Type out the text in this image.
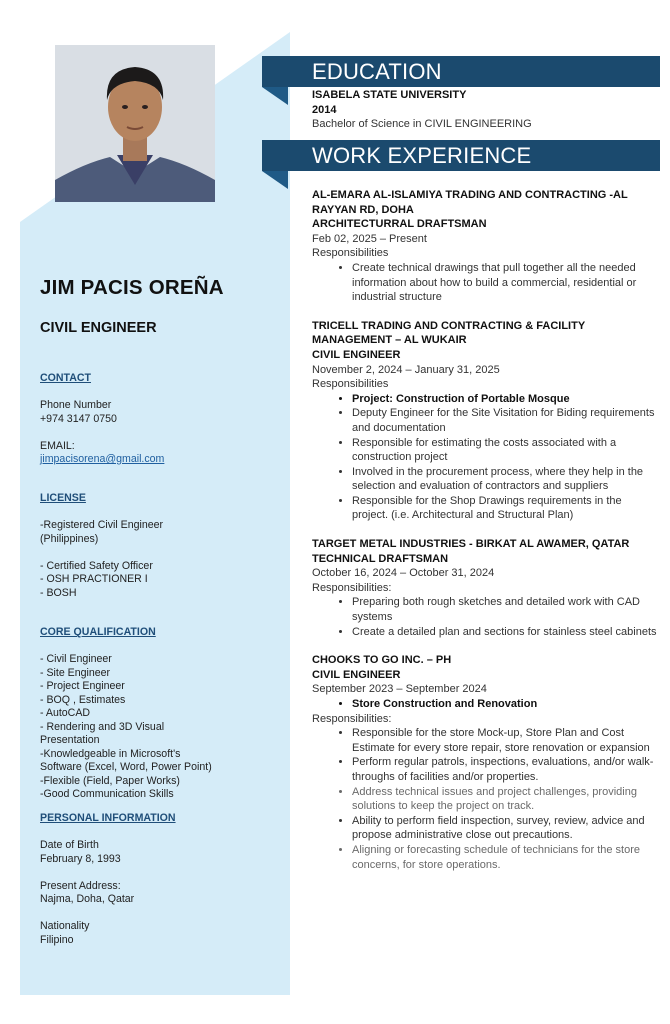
JIM PACIS OREÑA
CIVIL ENGINEER
CONTACT
Phone Number
+974 3147 0750
EMAIL:
jimpacisorena@gmail.com
LICENSE
-Registered Civil Engineer
(Philippines)
- Certified Safety Officer
- OSH PRACTIONER I
- BOSH
CORE QUALIFICATION
- Civil Engineer
- Site Engineer
- Project Engineer
- BOQ , Estimates
- AutoCAD
- Rendering and 3D Visual
Presentation
-Knowledgeable in Microsoft's
Software (Excel, Word, Power Point)
-Flexible (Field, Paper Works)
-Good Communication Skills
PERSONAL INFORMATION
Date of Birth
February 8, 1993
Present Address:
Najma, Doha, Qatar
Nationality
Filipino
EDUCATION
ISABELA STATE UNIVERSITY
2014
Bachelor of Science in CIVIL ENGINEERING
WORK EXPERIENCE
AL-EMARA AL-ISLAMIYA TRADING AND CONTRACTING -AL
RAYYAN RD, DOHA
ARCHITECTURRAL DRAFTSMAN
Feb 02, 2025 – Present
Responsibilities
• Create technical drawings that pull together all the needed information about how to build a commercial, residential or industrial structure
TRICELL TRADING AND CONTRACTING & FACILITY
MANAGEMENT – AL WUKAIR
CIVIL ENGINEER
November 2, 2024 – January 31, 2025
Responsibilities
• Project: Construction of Portable Mosque
• Deputy Engineer for the Site Visitation for Biding requirements and documentation
• Responsible for estimating the costs associated with a construction project
• Involved in the procurement process, where they help in the selection and evaluation of contractors and suppliers
• Responsible for the Shop Drawings requirements in the project. (i.e. Architectural and Structural Plan)
TARGET METAL INDUSTRIES - BIRKAT AL AWAMER, QATAR
TECHNICAL DRAFTSMAN
October 16, 2024 – October 31, 2024
Responsibilities:
• Preparing both rough sketches and detailed work with CAD systems
• Create a detailed plan and sections for stainless steel cabinets
CHOOKS TO GO INC. – PH
CIVIL ENGINEER
September 2023 – September 2024
• Store Construction and Renovation
Responsibilities:
• Responsible for the store Mock-up, Store Plan and Cost Estimate for every store repair, store renovation or expansion
• Perform regular patrols, inspections, evaluations, and/or walk-throughs of facilities and/or properties.
• Address technical issues and project challenges, providing solutions to keep the project on track.
• Ability to perform field inspection, survey, review, advice and propose administrative close out precautions.
• Aligning or forecasting schedule of technicians for the store concerns, for store operations.
